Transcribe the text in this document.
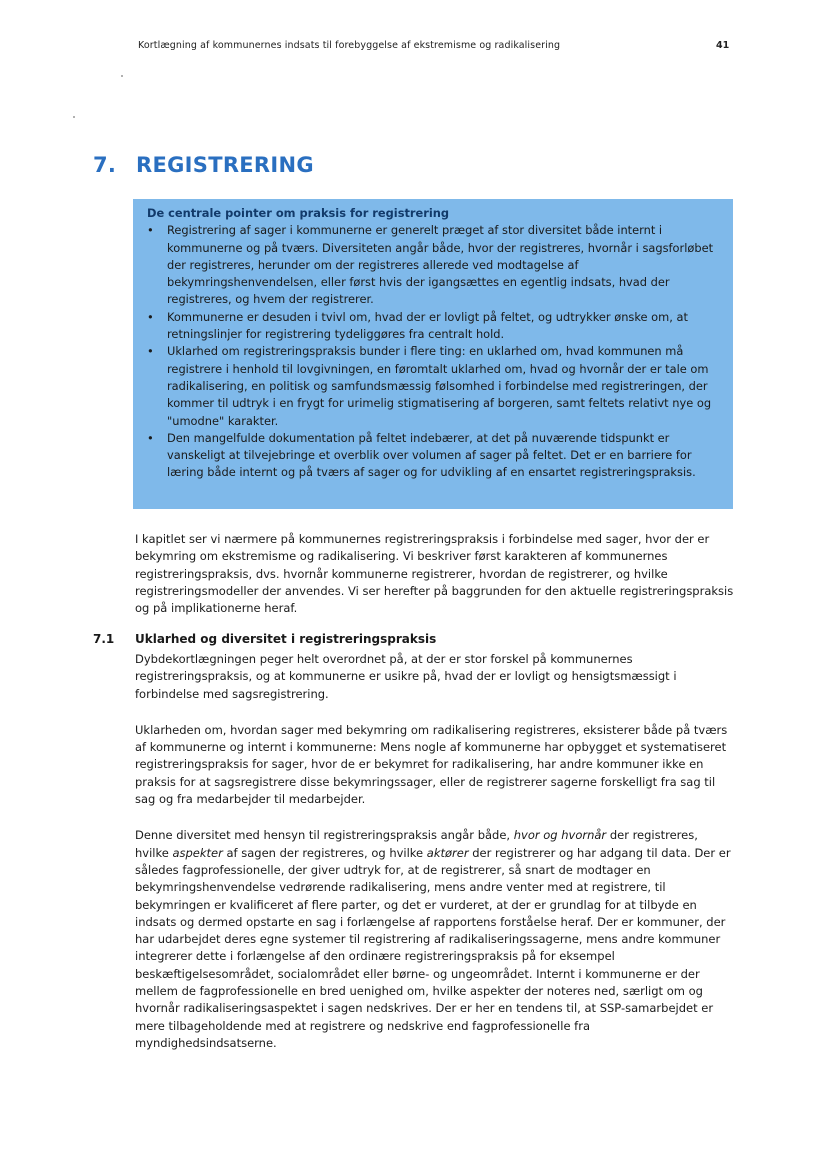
Kortlægning af kommunernes indsats til forebyggelse af ekstremisme og radikalisering	41
7. REGISTRERING
De centrale pointer om praksis for registrering
• Registrering af sager i kommunerne er generelt præget af stor diversitet både internt i kommunerne og på tværs. Diversiteten angår både, hvor der registreres, hvornår i sagsforløbet der registreres, herunder om der registreres allerede ved modtagelse af bekymringshenvendelsen, eller først hvis der igangsættes en egentlig indsats, hvad der registreres, og hvem der registrerer.
• Kommunerne er desuden i tvivl om, hvad der er lovligt på feltet, og udtrykker ønske om, at retningslinjer for registrering tydeliggøres fra centralt hold.
• Uklarhed om registreringspraksis bunder i flere ting: en uklarhed om, hvad kommunen må registrere i henhold til lovgivningen, en føromtalt uklarhed om, hvad og hvornår der er tale om radikalisering, en politisk og samfundsmæssig følsomhed i forbindelse med registreringen, der kommer til udtryk i en frygt for urimelig stigmatisering af borgeren, samt feltets relativt nye og "umodne" karakter.
• Den mangelfulde dokumentation på feltet indebærer, at det på nuværende tidspunkt er vanskeligt at tilvejebringe et overblik over volumen af sager på feltet. Det er en barriere for læring både internt og på tværs af sager og for udvikling af en ensartet registreringspraksis.

I kapitlet ser vi nærmere på kommunernes registreringspraksis i forbindelse med sager, hvor der er bekymring om ekstremisme og radikalisering. Vi beskriver først karakteren af kommunernes registreringspraksis, dvs. hvornår kommunerne registrerer, hvordan de registrerer, og hvilke registreringsmodeller der anvendes. Vi ser herefter på baggrunden for den aktuelle registreringspraksis og på implikationerne heraf.

7.1 Uklarhed og diversitet i registreringspraksis

Dybdekortlægningen peger helt overordnet på, at der er stor forskel på kommunernes registreringspraksis, og at kommunerne er usikre på, hvad der er lovligt og hensigtsmæssigt i forbindelse med sagsregistrering.

Uklarheden om, hvordan sager med bekymring om radikalisering registreres, eksisterer både på tværs af kommunerne og internt i kommunerne: Mens nogle af kommunerne har opbygget et systematiseret registreringspraksis for sager, hvor de er bekymret for radikalisering, har andre kommuner ikke en praksis for at sagsregistrere disse bekymringssager, eller de registrerer sagerne forskelligt fra sag til sag og fra medarbejder til medarbejder.

Denne diversitet med hensyn til registreringspraksis angår både, hvor og hvornår der registreres, hvilke aspekter af sagen der registreres, og hvilke aktører der registrerer og har adgang til data. Der er således fagprofessionelle, der giver udtryk for, at de registrerer, så snart de modtager en bekymringshenvendelse vedrørende radikalisering, mens andre venter med at registrere, til bekymringen er kvalificeret af flere parter, og det er vurderet, at der er grundlag for at tilbyde en indsats og dermed opstarte en sag i forlængelse af rapportens forståelse heraf. Der er kommuner, der har udarbejdet deres egne systemer til registrering af radikaliseringssagerne, mens andre kommuner integrerer dette i forlængelse af den ordinære registreringspraksis på for eksempel beskæftigelsesområdet, socialområdet eller børne- og ungeområdet. Internt i kommunerne er der mellem de fagprofessionelle en bred uenighed om, hvilke aspekter der noteres ned, særligt om og hvornår radikaliseringsaspektet i sagen nedskrives. Der er her en tendens til, at SSP-samarbejdet er mere tilbageholdende med at registrere og nedskrive end fagprofessionelle fra myndighedsindsatserne.
